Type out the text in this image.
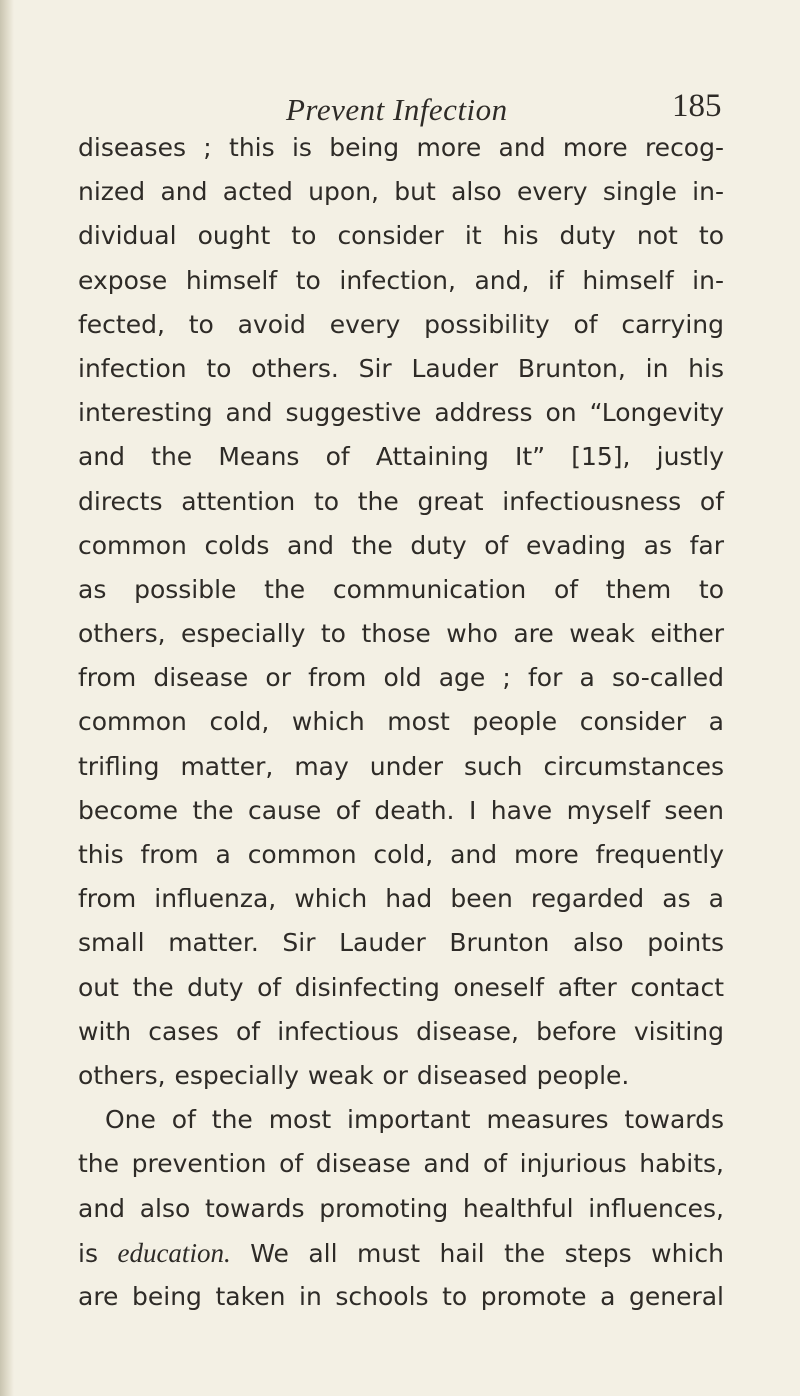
Prevent Infection	185
diseases ; this is being more and more recog-
nized and acted upon, but also every single in-
dividual ought to consider it his duty not to
expose himself to infection, and, if himself in-
fected, to avoid every possibility of carrying
infection to others. Sir Lauder Brunton, in his
interesting and suggestive address on “Longevity
and the Means of Attaining It” [15], justly
directs attention to the great infectiousness of
common colds and the duty of evading as far
as possible the communication of them to
others, especially to those who are weak either
from disease or from old age ; for a so-called
common cold, which most people consider a
trifling matter, may under such circumstances
become the cause of death. I have myself seen
this from a common cold, and more frequently
from influenza, which had been regarded as a
small matter. Sir Lauder Brunton also points
out the duty of disinfecting oneself after contact
with cases of infectious disease, before visiting
others, especially weak or diseased people.
One of the most important measures towards
the prevention of disease and of injurious habits,
and also towards promoting healthful influences,
is education. We all must hail the steps which
are being taken in schools to promote a general
